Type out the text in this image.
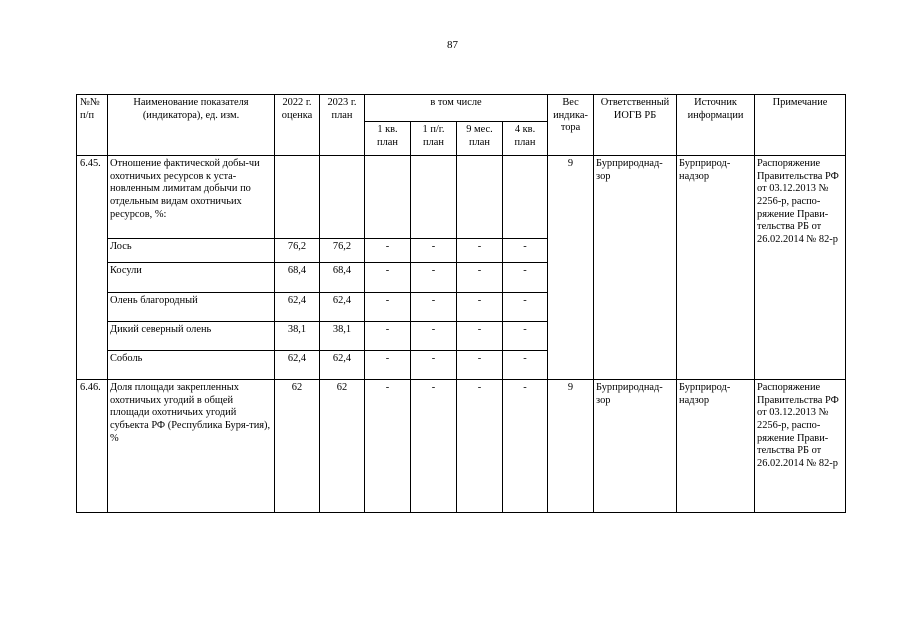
87
№№ п/п	Наименование показателя (индикатора), ед. изм.	2022 г. оценка	2023 г. план	в том числе				Вес индика-тора	Ответственный ИОГВ РБ	Источник информации	Примечание
				1 кв. план	1 п/г. план	9 мес. план	4 кв. план				
6.45.	Отношение фактической добы-чи охотничьих ресурсов к уста-новленным лимитам добычи по отдельным видам охотничьих ресурсов, %:							9	Бурприроднад-зор	Бурприрод-надзор	Распоряжение Правительства РФ от 03.12.2013 № 2256-р, распо-ряжение Прави-тельства РБ от 26.02.2014 № 82-р
	Лось	76,2	76,2	-	-	-	-				
	Косули	68,4	68,4	-	-	-	-				
	Олень благородный	62,4	62,4	-	-	-	-				
	Дикий северный олень	38,1	38,1	-	-	-	-				
	Соболь	62,4	62,4	-	-	-	-				
6.46.	Доля площади закрепленных охотничьих угодий в общей площади охотничьих угодий субъекта РФ (Республика Буря-тия), %	62	62	-	-	-	-	9	Бурприроднад-зор	Бурприрод-надзор	Распоряжение Правительства РФ от 03.12.2013 № 2256-р, распо-ряжение Прави-тельства РБ от 26.02.2014 № 82-р
